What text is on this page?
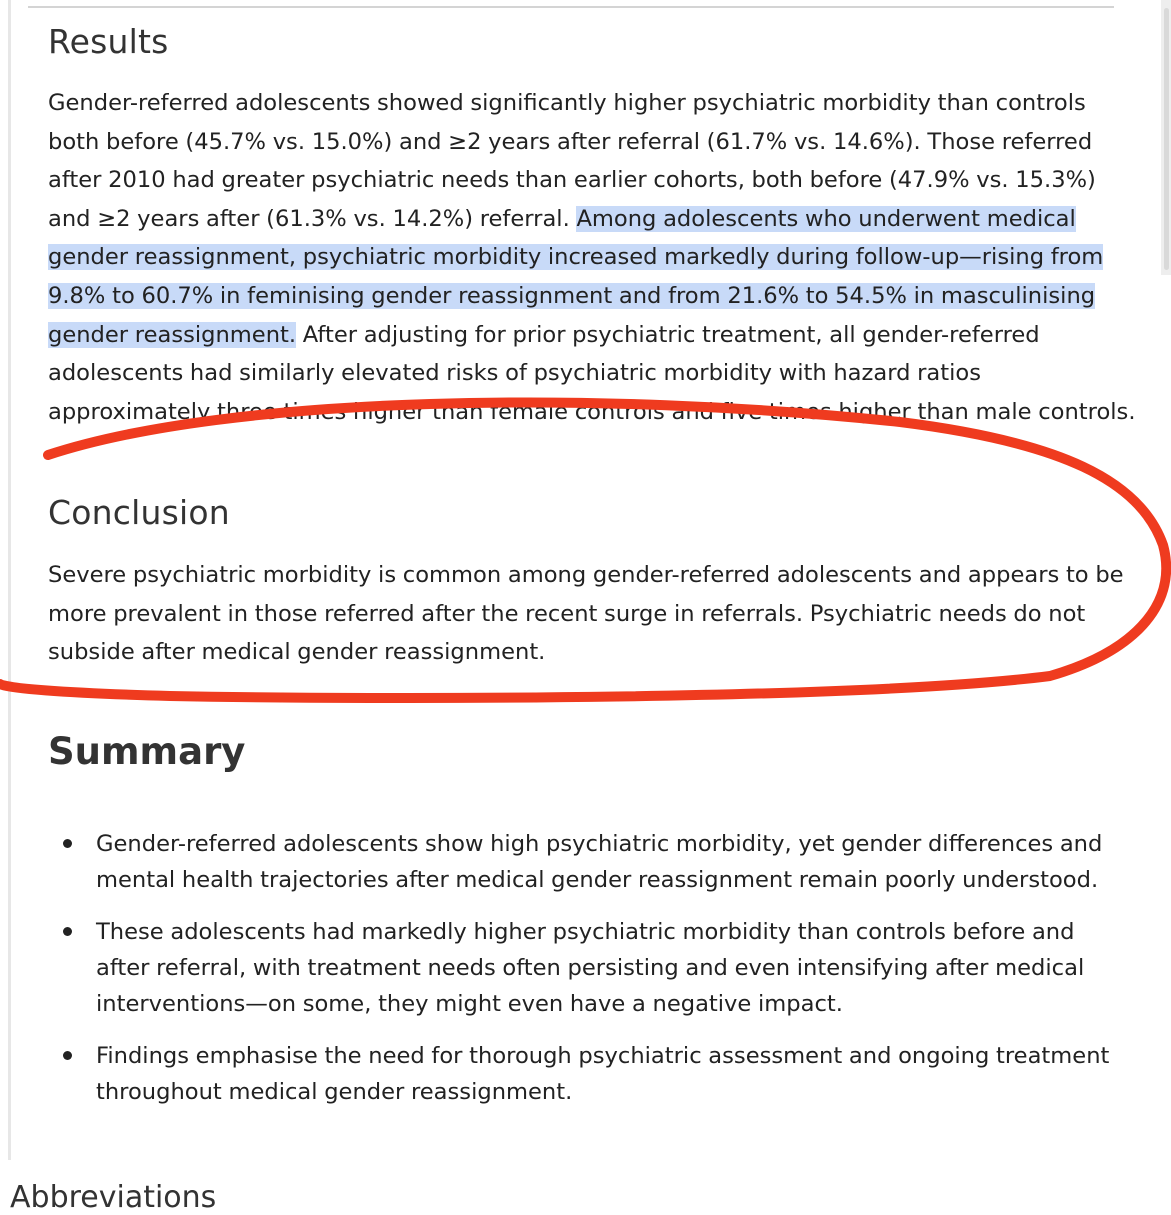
Results

Gender-referred adolescents showed significantly higher psychiatric morbidity than controls both before (45.7% vs. 15.0%) and ≥2 years after referral (61.7% vs. 14.6%). Those referred after 2010 had greater psychiatric needs than earlier cohorts, both before (47.9% vs. 15.3%) and ≥2 years after (61.3% vs. 14.2%) referral. Among adolescents who underwent medical gender reassignment, psychiatric morbidity increased markedly during follow-up—rising from 9.8% to 60.7% in feminising gender reassignment and from 21.6% to 54.5% in masculinising gender reassignment. After adjusting for prior psychiatric treatment, all gender-referred adolescents had similarly elevated risks of psychiatric morbidity with hazard ratios approximately three times higher than female controls and five times higher than male controls.

Conclusion

Severe psychiatric morbidity is common among gender-referred adolescents and appears to be more prevalent in those referred after the recent surge in referrals. Psychiatric needs do not subside after medical gender reassignment.

Summary
Gender-referred adolescents show high psychiatric morbidity, yet gender differences and mental health trajectories after medical gender reassignment remain poorly understood.
These adolescents had markedly higher psychiatric morbidity than controls before and after referral, with treatment needs often persisting and even intensifying after medical interventions—on some, they might even have a negative impact.
Findings emphasise the need for thorough psychiatric assessment and ongoing treatment throughout medical gender reassignment.
Abbreviations
